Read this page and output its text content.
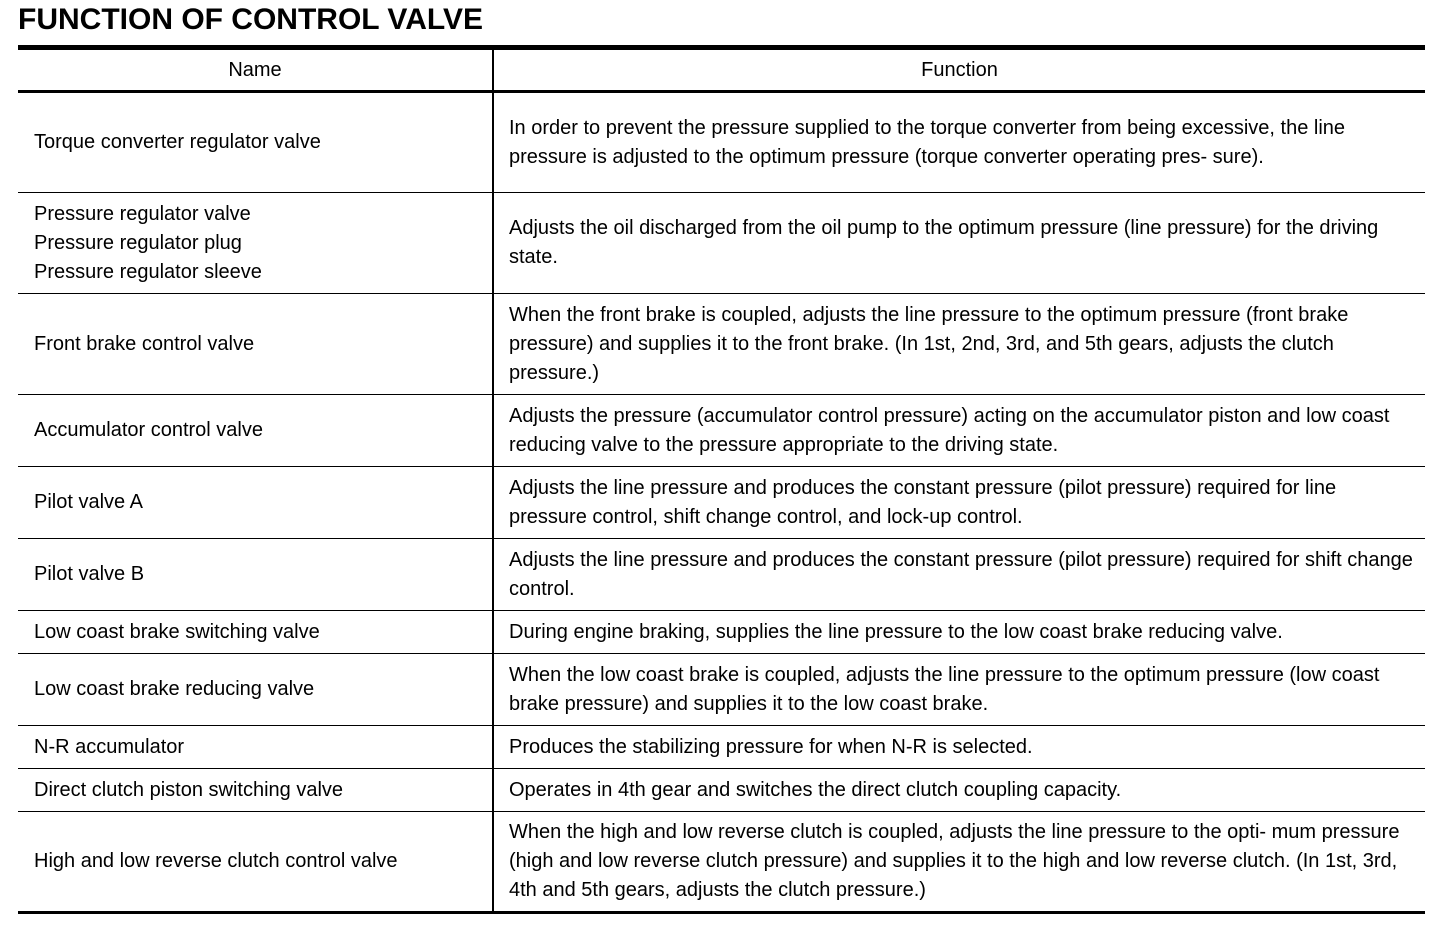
FUNCTION OF CONTROL VALVE
Name	Function

Torque converter regulator valve	In order to prevent the pressure supplied to the torque converter from being excessive, the line pressure is adjusted to the optimum pressure (torque converter operating pres- sure).

Pressure regulator valve
Pressure regulator plug
Pressure regulator sleeve	Adjusts the oil discharged from the oil pump to the optimum pressure (line pressure) for the driving state.

Front brake control valve	When the front brake is coupled, adjusts the line pressure to the optimum pressure (front brake pressure) and supplies it to the front brake. (In 1st, 2nd, 3rd, and 5th gears, adjusts the clutch pressure.)

Accumulator control valve	Adjusts the pressure (accumulator control pressure) acting on the accumulator piston and low coast reducing valve to the pressure appropriate to the driving state.

Pilot valve A	Adjusts the line pressure and produces the constant pressure (pilot pressure) required for line pressure control, shift change control, and lock-up control.

Pilot valve B	Adjusts the line pressure and produces the constant pressure (pilot pressure) required for shift change control.

Low coast brake switching valve	During engine braking, supplies the line pressure to the low coast brake reducing valve.

Low coast brake reducing valve	When the low coast brake is coupled, adjusts the line pressure to the optimum pressure (low coast brake pressure) and supplies it to the low coast brake.

N-R accumulator	Produces the stabilizing pressure for when N-R is selected.

Direct clutch piston switching valve	Operates in 4th gear and switches the direct clutch coupling capacity.

High and low reverse clutch control valve	When the high and low reverse clutch is coupled, adjusts the line pressure to the opti- mum pressure (high and low reverse clutch pressure) and supplies it to the high and low reverse clutch. (In 1st, 3rd, 4th and 5th gears, adjusts the clutch pressure.)
